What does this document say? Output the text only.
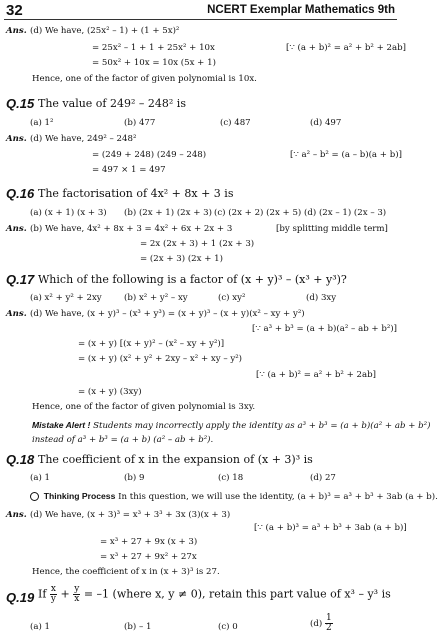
32	NCERT Exemplar Mathematics 9th
Ans. (d) We have, (25x² – 1) + (1 + 5x)²
[∵ (a + b)² = a² + b² + 2ab]
= 25x² – 1 + 1 + 25x² + 10x
= 50x² + 10x = 10x (5x + 1)
Hence, one of the factor of given polynomial is 10x.
Q.15 The value of 249² – 248² is
(a) 1²	(b) 477	(c) 487	(d) 497
Ans. (d) We have, 249² – 248²
= (249 + 248) (249 – 248)	[∵ a² – b² = (a – b)(a + b)]
= 497 × 1 = 497
Q.16 The factorisation of 4x² + 8x + 3 is
(a) (x + 1) (x + 3) (b) (2x + 1) (2x + 3) (c) (2x + 2) (2x + 5) (d) (2x – 1) (2x – 3)
Ans. (b) We have, 4x² + 8x + 3 = 4x² + 6x + 2x + 3	[by splitting middle term]
= 2x (2x + 3) + 1 (2x + 3)
= (2x + 3) (2x + 1)
Q.17 Which of the following is a factor of (x + y)³ – (x³ + y³)?
(a) x² + y² + 2xy	(b) x² + y² – xy	(c) xy²	(d) 3xy
Ans. (d) We have, (x + y)³ – (x³ + y³) = (x + y)³ – (x + y)(x² – xy + y²)
[∵ a³ + b³ = (a + b)(a² – ab + b²)]
= (x + y) [(x + y)² – (x² – xy + y²)]
= (x + y) (x² + y² + 2xy – x² + xy – y²)
[∵ (a + b)² = a² + b² + 2ab]
= (x + y) (3xy)
Hence, one of the factor of given polynomial is 3xy.
Mistake Alert ! Students may incorrectly apply the identity as a³ + b³ = (a + b)(a² + ab + b²)
instead of a³ + b³ = (a + b) (a² – ab + b²).
Q.18 The coefficient of x in the expansion of (x + 3)³ is
(a) 1	(b) 9	(c) 18	(d) 27
Thinking Process In this question, we will use the identity, (a + b)³ = a³ + b³ + 3ab (a + b).
Ans. (d) We have, (x + 3)³ = x³ + 3³ + 3x (3)(x + 3)
[∵ (a + b)³ = a³ + b³ + 3ab (a + b)]
= x³ + 27 + 9x (x + 3)
= x³ + 27 + 9x² + 27x
Hence, the coefficient of x in (x + 3)³ is 27.
Q.19 If $\frac{x}{y} + \frac{y}{x} = -1$ (where x, y ≠ 0), retain this part value of x³ – y³ is
(a) 1	(b) – 1	(c) 0	$(d) \frac{1}{2}$
